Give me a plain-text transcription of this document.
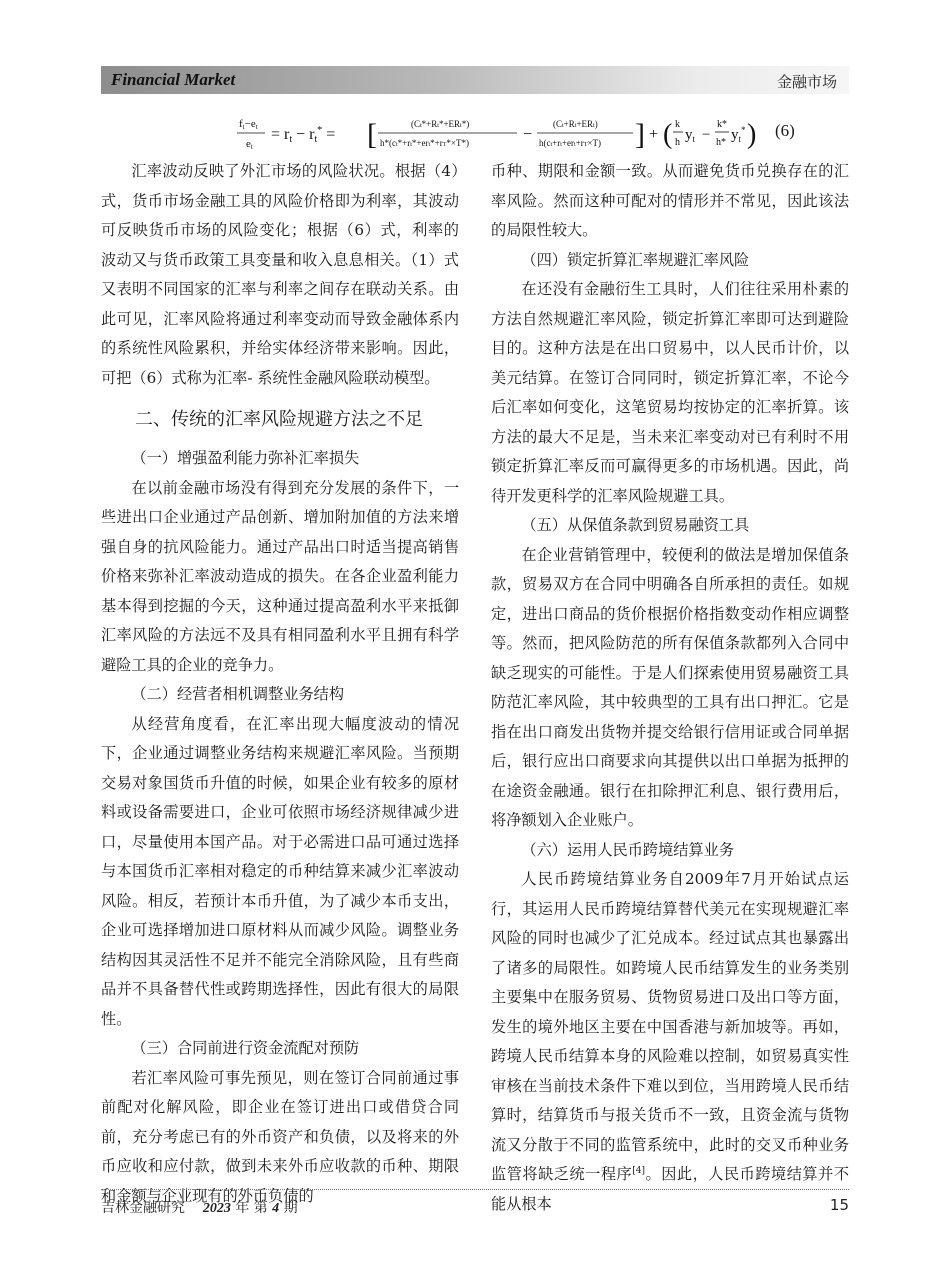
Financial Market	金融市场
ft−et
et
= rt − rt* = [	(Ct*+Rt*+ERt*)
h*(ct*+rt*+ert*+rT*×T*)	−
(Ct+Rt+ERt)
h(ct+rt+ert+rT×T) ] + ( k
h $y_t$ −
k*
h* $y_t^*$ ) (6)

汇率波动反映了外汇市场的风险状况。根据（4）式，货币市场金融工具的风险价格即为利率，其波动可反映货币市场的风险变化；根据（6）式，利率的波动又与货币政策工具变量和收入息息相关。（1）式又表明不同国家的汇率与利率之间存在联动关系。由此可见，汇率风险将通过利率变动而导致金融体系内的系统性风险累积，并给实体经济带来影响。因此，可把（6）式称为汇率- 系统性金融风险联动模型。

二、传统的汇率风险规避方法之不足
（一）增强盈利能力弥补汇率损失

在以前金融市场没有得到充分发展的条件下，一些进出口企业通过产品创新、增加附加值的方法来增强自身的抗风险能力。通过产品出口时适当提高销售价格来弥补汇率波动造成的损失。在各企业盈利能力基本得到挖掘的今天，这种通过提高盈利水平来抵御汇率风险的方法远不及具有相同盈利水平且拥有科学避险工具的企业的竞争力。

（二）经营者相机调整业务结构

从经营角度看，在汇率出现大幅度波动的情况下，企业通过调整业务结构来规避汇率风险。当预期交易对象国货币升值的时候，如果企业有较多的原材料或设备需要进口，企业可依照市场经济规律减少进口，尽量使用本国产品。对于必需进口品可通过选择与本国货币汇率相对稳定的币种结算来减少汇率波动风险。相反，若预计本币升值，为了减少本币支出，企业可选择增加进口原材料从而减少风险。调整业务结构因其灵活性不足并不能完全消除风险，且有些商品并不具备替代性或跨期选择性，因此有很大的局限性。

（三）合同前进行资金流配对预防

若汇率风险可事先预见，则在签订合同前通过事前配对化解风险，即企业在签订进出口或借贷合同前，充分考虑已有的外币资产和负债，以及将来的外币应收和应付款，做到未来外币应收款的币种、期限和金额与企业现有的外币负债的

币种、期限和金额一致。从而避免货币兑换存在的汇率风险。然而这种可配对的情形并不常见，因此该法的局限性较大。

（四）锁定折算汇率规避汇率风险

在还没有金融衍生工具时，人们往往采用朴素的方法自然规避汇率风险，锁定折算汇率即可达到避险目的。这种方法是在出口贸易中，以人民币计价，以美元结算。在签订合同同时，锁定折算汇率，不论今后汇率如何变化，这笔贸易均按协定的汇率折算。该方法的最大不足是，当未来汇率变动对已有利时不用锁定折算汇率反而可赢得更多的市场机遇。因此，尚待开发更科学的汇率风险规避工具。

（五）从保值条款到贸易融资工具

在企业营销管理中，较便利的做法是增加保值条款，贸易双方在合同中明确各自所承担的责任。如规定，进出口商品的货价根据价格指数变动作相应调整等。然而，把风险防范的所有保值条款都列入合同中缺乏现实的可能性。于是人们探索使用贸易融资工具防范汇率风险，其中较典型的工具有出口押汇。它是指在出口商发出货物并提交给银行信用证或合同单据后，银行应出口商要求向其提供以出口单据为抵押的在途资金融通。银行在扣除押汇利息、银行费用后，将净额划入企业账户。

（六）运用人民币跨境结算业务

人民币跨境结算业务自2009年7月开始试点运行，其运用人民币跨境结算替代美元在实现规避汇率风险的同时也减少了汇兑成本。经过试点其也暴露出了诸多的局限性。如跨境人民币结算发生的业务类别主要集中在服务贸易、货物贸易进口及出口等方面，发生的境外地区主要在中国香港与新加坡等。再如，跨境人民币结算本身的风险难以控制，如贸易真实性审核在当前技术条件下难以到位，当用跨境人民币结算时，结算货币与报关货币不一致，且资金流与货物流又分散于不同的监管系统中，此时的交叉币种业务监管将缺乏统一程序[4]。因此，人民币跨境结算并不能从根本

吉林金融研究 2023 年 第 4 期	15
